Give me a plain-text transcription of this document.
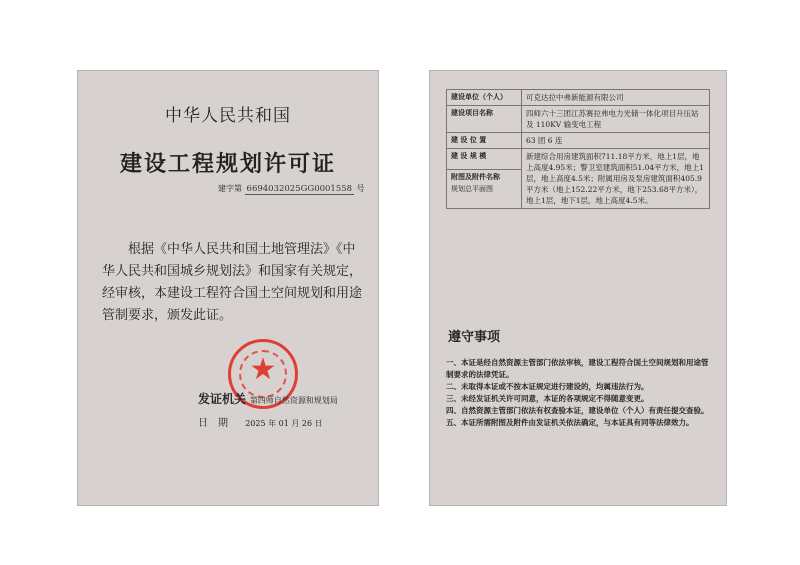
中华人民共和国
建设工程规划许可证
建字第 6694032025GG0001558 号

根据《中华人民共和国土地管理法》《中华人民共和国城乡规划法》和国家有关规定，经审核，本建设工程符合国土空间规划和用途管制要求，颁发此证。

★
发证机关 第四师自然资源和规划局
日　期 2025 年 01 月 26 日
建设单位（个人）	可克达拉中弗新能源有限公司
建设项目名称	四师六十三团江苏赛拉弗电力光储一体化项目升压站及 110KV 输变电工程
建 设 位 置	63 团 6 连
建 设 规 模	新建综合用房建筑面积711.18平方米，地上1层，地上高度4.95米；警卫室建筑面积51.04平方米，地上1层，地上高度4.5米；附属用房及泵房建筑面积405.9平方米（地上152.22平方米，地下253.68平方米），地上1层，地下1层，地上高度4.5米。
附图及附件名称
规划总平面图	
遵守事项
一、本证是经自然资源主管部门依法审核，建设工程符合国土空间规划和用途管制要求的法律凭证。
二、未取得本证或不按本证规定进行建设的，均属违法行为。
三、未经发证机关许可同意，本证的各项规定不得随意变更。
四、自然资源主管部门依法有权查验本证，建设单位（个人）有责任提交查验。
五、本证所需附图及附件由发证机关依法确定，与本证具有同等法律效力。
